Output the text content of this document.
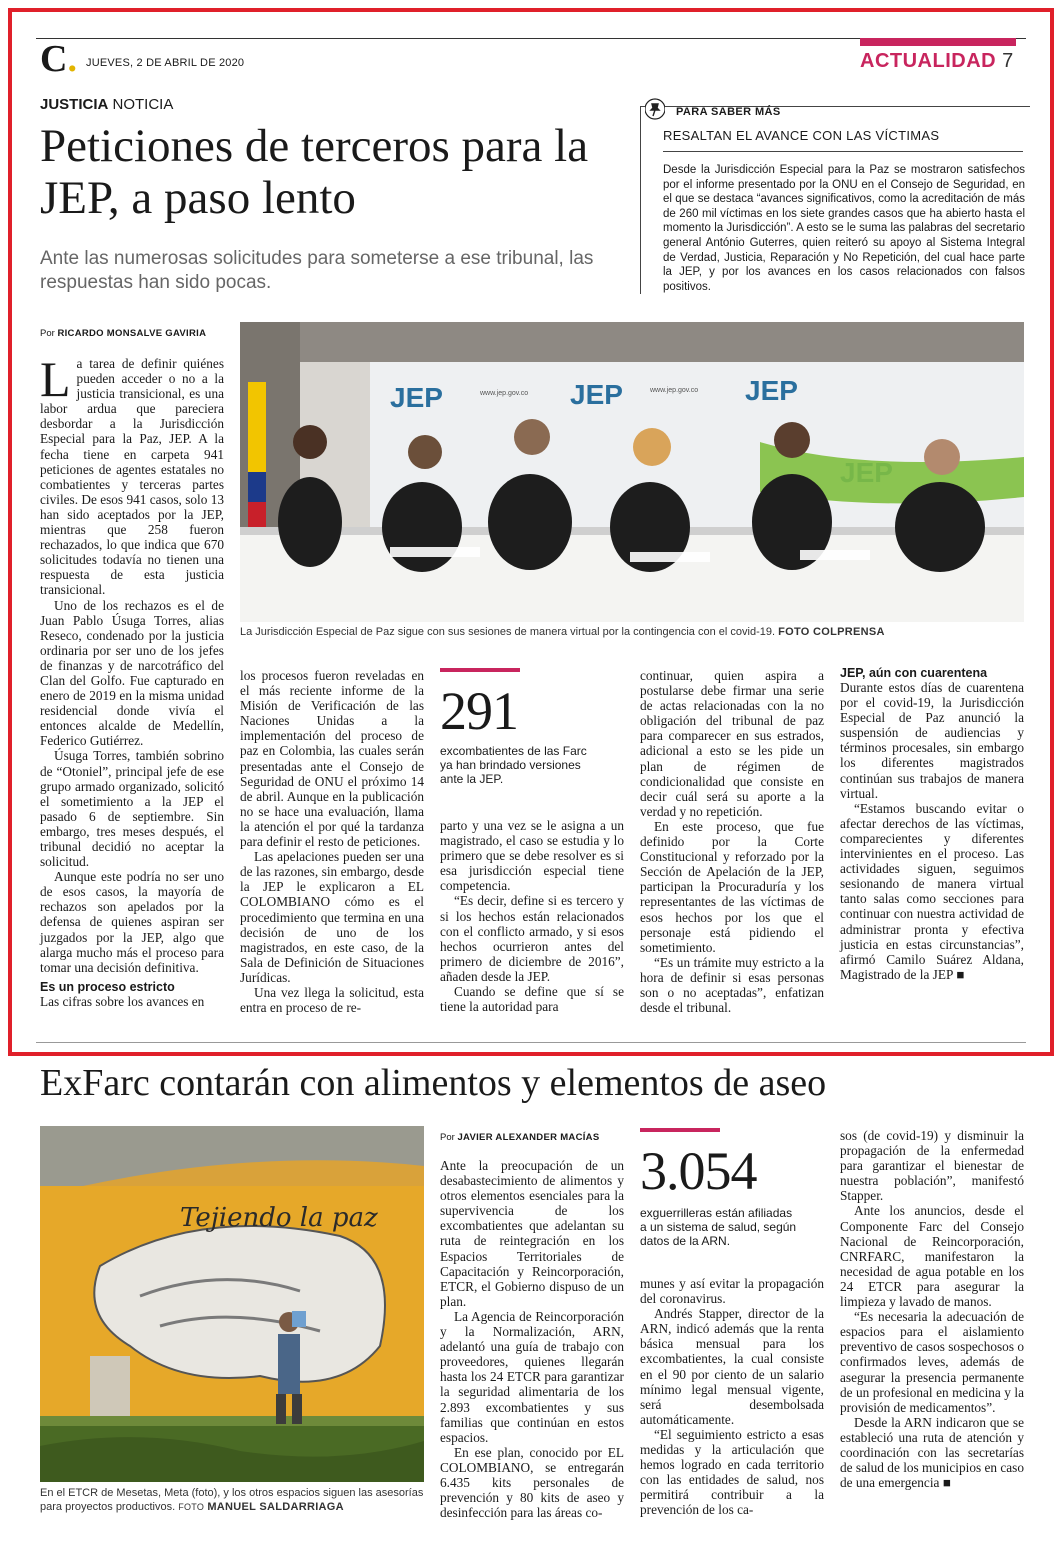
C. JUEVES, 2 DE ABRIL DE 2020	ACTUALIDAD 7
JUSTICIA NOTICIA
Peticiones de terceros para la JEP, a paso lento
Ante las numerosas solicitudes para someterse a ese tribunal, las respuestas han sido pocas.
PARA SABER MÁS
RESALTAN EL AVANCE CON LAS VÍCTIMAS
Desde la Jurisdicción Especial para la Paz se mostraron satisfechos por el informe presentado por la ONU en el Consejo de Seguridad, en el que se destaca “avances significativos, como la acreditación de más de 260 mil víctimas en los siete grandes casos que ha abierto hasta el momento la Jurisdicción”. A esto se le suma las palabras del secretario general António Guterres, quien reiteró su apoyo al Sistema Integral de Verdad, Justicia, Reparación y No Repetición, del cual hace parte la JEP, y por los avances en los casos relacionados con falsos positivos.
Por RICARDO MONSALVE GAVIRIA
JEP	JEP	JEP
www.jep.gov.co	www.jep.gov.co
La Jurisdicción Especial de Paz sigue con sus sesiones de manera virtual por la contingencia con el covid-19. FOTO COLPRENSA

La tarea de definir quiénes pueden acceder o no a la justicia transicional, es una labor ardua que pareciera desbordar a la Jurisdicción Especial para la Paz, JEP. A la fecha tiene en carpeta 941 peticiones de agentes estatales no combatientes y terceras partes civiles. De esos 941 casos, solo 13 han sido aceptados por la JEP, mientras que 258 fueron rechazados, lo que indica que 670 solicitudes todavía no tienen una respuesta de esta justicia transicional.

Uno de los rechazos es el de Juan Pablo Úsuga Torres, alias Reseco, condenado por la justicia ordinaria por ser uno de los jefes de finanzas y de narcotráfico del Clan del Golfo. Fue capturado en enero de 2019 en la misma unidad residencial donde vivía el entonces alcalde de Medellín, Federico Gutiérrez.

Úsuga Torres, también sobrino de “Otoniel”, principal jefe de ese grupo armado organizado, solicitó el sometimiento a la JEP el pasado 6 de septiembre. Sin embargo, tres meses después, el tribunal decidió no aceptar la solicitud.

Aunque este podría no ser uno de esos casos, la mayoría de rechazos son apelados por la defensa de quienes aspiran ser juzgados por la JEP, algo que alarga mucho más el proceso para tomar una decisión definitiva.

Es un proceso estricto

Las cifras sobre los avances en

los procesos fueron reveladas en el más reciente informe de la Misión de Verificación de las Naciones Unidas a la implementación del proceso de paz en Colombia, las cuales serán presentadas ante el Consejo de Seguridad de ONU el próximo 14 de abril. Aunque en la publicación no se hace una evaluación, llama la atención el por qué la tardanza para definir el resto de peticiones.

Las apelaciones pueden ser una de las razones, sin embargo, desde la JEP le explicaron a EL COLOMBIANO cómo es el procedimiento que termina en una decisión de uno de los magistrados, en este caso, de la Sala de Definición de Situaciones Jurídicas.

Una vez llega la solicitud, esta entra en proceso de re-

291
excombatientes de las Farc ya han brindado versiones ante la JEP.

parto y una vez se le asigna a un magistrado, el caso se estudia y lo primero que se debe resolver es si esa jurisdicción especial tiene competencia.

“Es decir, define si es tercero y si los hechos están relacionados con el conflicto armado, y si esos hechos ocurrieron antes del primero de diciembre de 2016”, añaden desde la JEP.

Cuando se define que sí se tiene la autoridad para

continuar, quien aspira a postularse debe firmar una serie de actas relacionadas con la no obligación del tribunal de paz para comparecer en sus estrados, adicional a esto se les pide un plan de régimen de condicionalidad que consiste en decir cuál será su aporte a la verdad y no repetición.

En este proceso, que fue definido por la Corte Constitucional y reforzado por la Sección de Apelación de la JEP, participan la Procuraduría y los representantes de las víctimas de esos hechos por los que el personaje está pidiendo el sometimiento.

“Es un trámite muy estricto a la hora de definir si esas personas son o no aceptadas”, enfatizan desde el tribunal.

JEP, aún con cuarentena

Durante estos días de cuarentena por el covid-19, la Jurisdicción Especial de Paz anunció la suspensión de audiencias y términos procesales, sin embargo los diferentes magistrados continúan sus trabajos de manera virtual.

“Estamos buscando evitar o afectar derechos de las víctimas, comparecientes y diferentes intervinientes en el proceso. Las actividades siguen, seguimos sesionando de manera virtual tanto salas como secciones para continuar con nuestra actividad de administrar pronta y efectiva justicia en estas circunstancias”, afirmó Camilo Suárez Aldana, Magistrado de la JEP ■

ExFarc contarán con alimentos y elementos de aseo
Tejiendo la paz
En el ETCR de Mesetas, Meta (foto), y los otros espacios siguen las asesorías para proyectos productivos. FOTO MANUEL SALDARRIAGA
Por JAVIER ALEXANDER MACÍAS

Ante la preocupación de un desabastecimiento de alimentos y otros elementos esenciales para la supervivencia de los excombatientes que adelantan su ruta de reintegración en los Espacios Territoriales de Capacitación y Reincorporación, ETCR, el Gobierno dispuso de un plan.

La Agencia de Reincorporación y la Normalización, ARN, adelantó una guía de trabajo con proveedores, quienes llegarán hasta los 24 ETCR para garantizar la seguridad alimentaria de los 2.893 excombatientes y sus familias que continúan en estos espacios.

En ese plan, conocido por EL COLOMBIANO, se entregarán 6.435 kits personales de prevención y 80 kits de aseo y desinfección para las áreas co-

3.054
exguerrilleras están afiliadas a un sistema de salud, según datos de la ARN.

munes y así evitar la propagación del coronavirus.

Andrés Stapper, director de la ARN, indicó además que la renta básica mensual para los excombatientes, la cual consiste en el 90 por ciento de un salario mínimo legal mensual vigente, será desembolsada automáticamente.

“El seguimiento estricto a esas medidas y la articulación que hemos logrado en cada territorio con las entidades de salud, nos permitirá contribuir a la prevención de los ca-

sos (de covid-19) y disminuir la propagación de la enfermedad para garantizar el bienestar de nuestra población”, manifestó Stapper.

Ante los anuncios, desde el Componente Farc del Consejo Nacional de Reincorporación, CNRFARC, manifestaron la necesidad de agua potable en los 24 ETCR para asegurar la limpieza y lavado de manos.

“Es necesaria la adecuación de espacios para el aislamiento preventivo de casos sospechosos o confirmados leves, además de asegurar la presencia permanente de un profesional en medicina y la provisión de medicamentos”.

Desde la ARN indicaron que se estableció una ruta de atención y coordinación con las secretarías de salud de los municipios en caso de una emergencia ■
